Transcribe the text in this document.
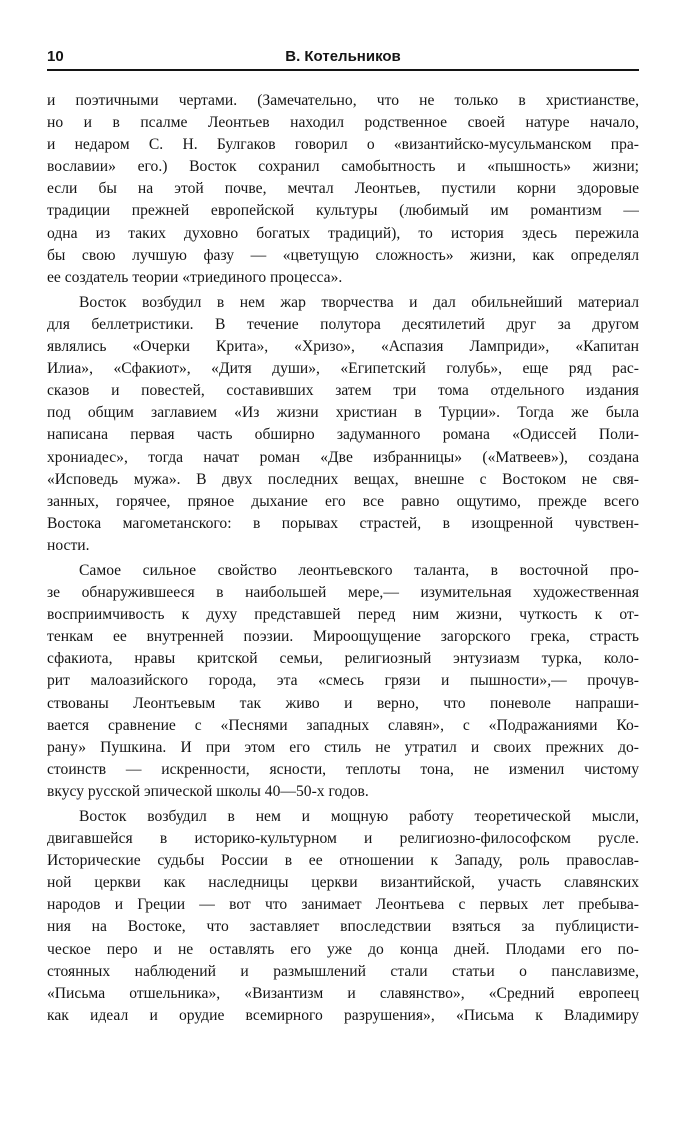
10	В. Котельников
и поэтичными чертами. (Замечательно, что не только в христианстве,
но и в псалме Леонтьев находил родственное своей натуре начало,
и недаром С. Н. Булгаков говорил о «византийско-мусульманском пра-
вославии» его.) Восток сохранил самобытность и «пышность» жизни;
если бы на этой почве, мечтал Леонтьев, пустили корни здоровые
традиции прежней европейской культуры (любимый им романтизм —
одна из таких духовно богатых традиций), то история здесь пережила
бы свою лучшую фазу — «цветущую сложность» жизни, как определял
ее создатель теории «триединого процесса».
Восток возбудил в нем жар творчества и дал обильнейший материал
для беллетристики. В течение полутора десятилетий друг за другом
являлись «Очерки Крита», «Хризо», «Аспазия Ламприди», «Капитан
Илиа», «Сфакиот», «Дитя души», «Египетский голубь», еще ряд рас-
сказов и повестей, составивших затем три тома отдельного издания
под общим заглавием «Из жизни христиан в Турции». Тогда же была
написана первая часть обширно задуманного романа «Одиссей Поли-
хрониадес», тогда начат роман «Две избранницы» («Матвеев»), создана
«Исповедь мужа». В двух последних вещах, внешне с Востоком не свя-
занных, горячее, пряное дыхание его все равно ощутимо, прежде всего
Востока магометанского: в порывах страстей, в изощренной чувствен-
ности.
Самое сильное свойство леонтьевского таланта, в восточной про-
зе обнаружившееся в наибольшей мере,— изумительная художественная
восприимчивость к духу представшей перед ним жизни, чуткость к от-
тенкам ее внутренней поэзии. Мироощущение загорского грека, страсть
сфакиота, нравы критской семьи, религиозный энтузиазм турка, коло-
рит малоазийского города, эта «смесь грязи и пышности»,— прочув-
ствованы Леонтьевым так живо и верно, что поневоле напраши-
вается сравнение с «Песнями западных славян», с «Подражаниями Ко-
рану» Пушкина. И при этом его стиль не утратил и своих прежних до-
стоинств — искренности, ясности, теплоты тона, не изменил чистому
вкусу русской эпической школы 40—50-х годов.
Восток возбудил в нем и мощную работу теоретической мысли,
двигавшейся в историко-культурном и религиозно-философском русле.
Исторические судьбы России в ее отношении к Западу, роль православ-
ной церкви как наследницы церкви византийской, участь славянских
народов и Греции — вот что занимает Леонтьева с первых лет пребыва-
ния на Востоке, что заставляет впоследствии взяться за публицисти-
ческое перо и не оставлять его уже до конца дней. Плодами его по-
стоянных наблюдений и размышлений стали статьи о панславизме,
«Письма отшельника», «Византизм и славянство», «Средний европеец
как идеал и орудие всемирного разрушения», «Письма к Владимиру
